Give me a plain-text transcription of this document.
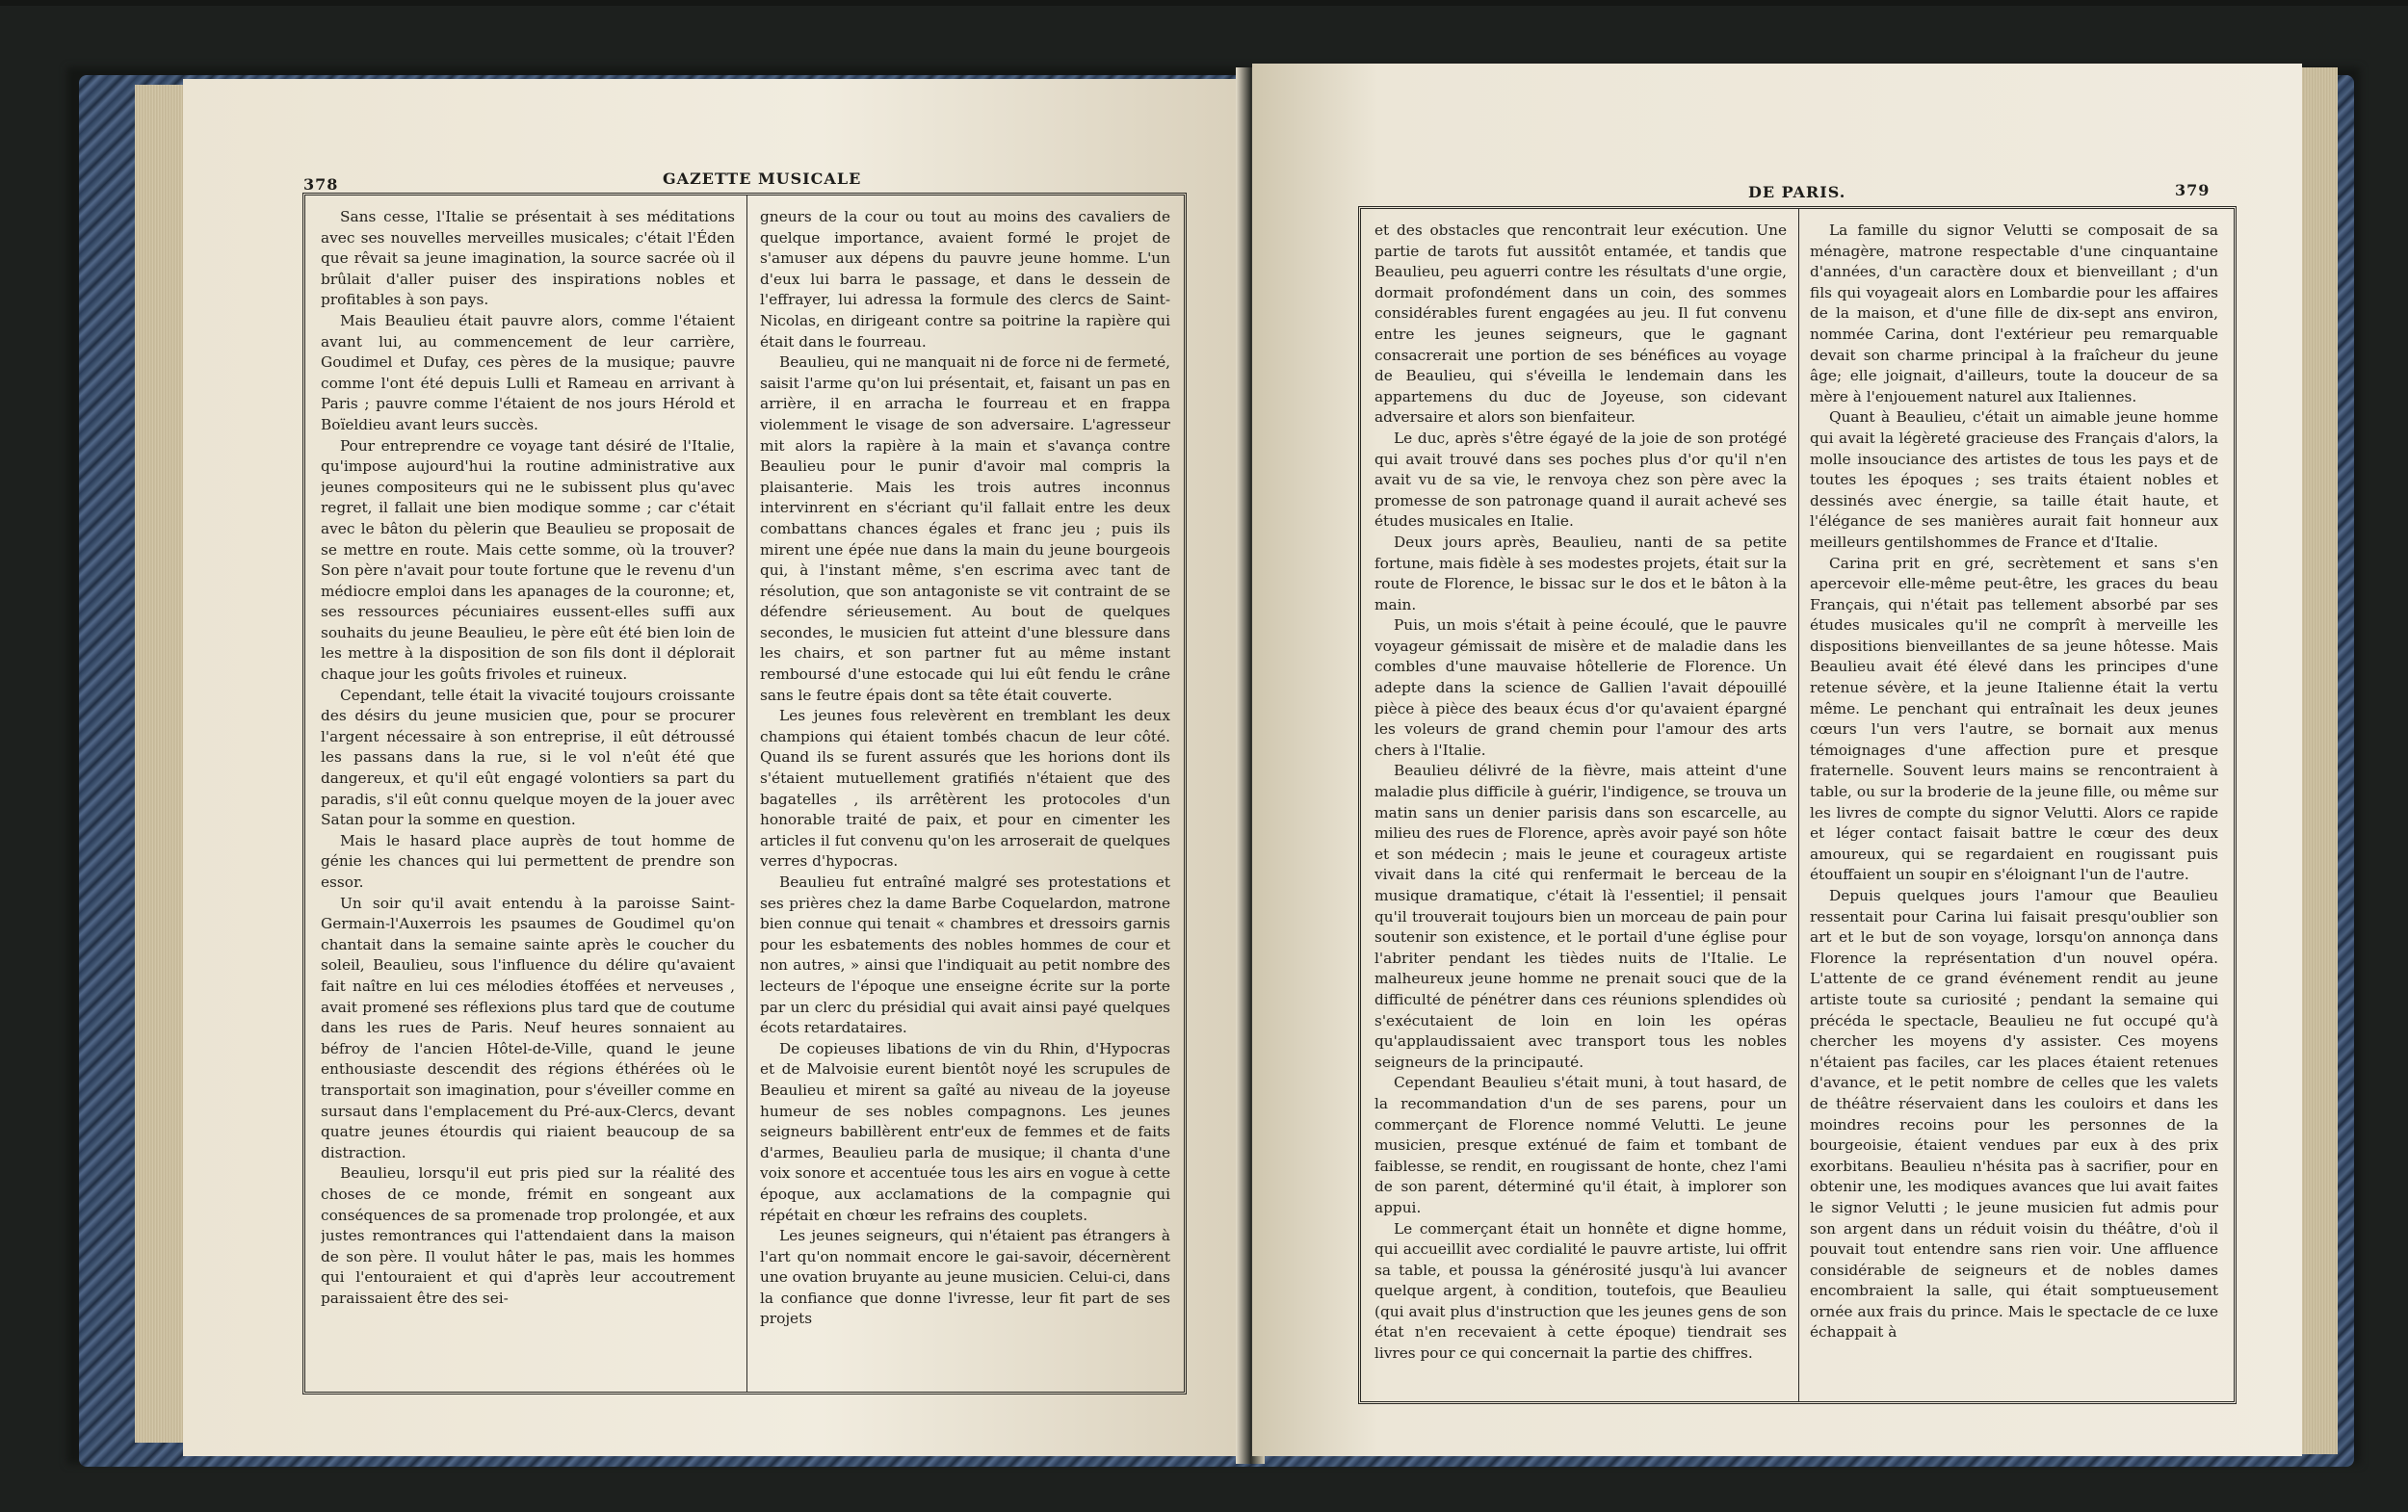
378	GAZETTE MUSICALE

Sans cesse, l'Italie se présentait à ses méditations avec ses nouvelles merveilles musicales; c'était l'Éden que rêvait sa jeune imagination, la source sacrée où il brûlait d'aller puiser des inspirations nobles et profitables à son pays.

Mais Beaulieu était pauvre alors, comme l'étaient avant lui, au commencement de leur carrière, Goudimel et Dufay, ces pères de la musique; pauvre comme l'ont été depuis Lulli et Rameau en arrivant à Paris ; pauvre comme l'étaient de nos jours Hérold et Boïeldieu avant leurs succès.

Pour entreprendre ce voyage tant désiré de l'Italie, qu'impose aujourd'hui la routine administrative aux jeunes compositeurs qui ne le subissent plus qu'avec regret, il fallait une bien modique somme ; car c'était avec le bâton du pèlerin que Beaulieu se proposait de se mettre en route. Mais cette somme, où la trouver? Son père n'avait pour toute fortune que le revenu d'un médiocre emploi dans les apanages de la couronne; et, ses ressources pécuniaires eussent-elles suffi aux souhaits du jeune Beaulieu, le père eût été bien loin de les mettre à la disposition de son fils dont il déplorait chaque jour les goûts frivoles et ruineux.

Cependant, telle était la vivacité toujours croissante des désirs du jeune musicien que, pour se procurer l'argent nécessaire à son entreprise, il eût détroussé les passans dans la rue, si le vol n'eût été que dangereux, et qu'il eût engagé volontiers sa part du paradis, s'il eût connu quelque moyen de la jouer avec Satan pour la somme en question.

Mais le hasard place auprès de tout homme de génie les chances qui lui permettent de prendre son essor.

Un soir qu'il avait entendu à la paroisse Saint-Germain-l'Auxerrois les psaumes de Goudimel qu'on chantait dans la semaine sainte après le coucher du soleil, Beaulieu, sous l'influence du délire qu'avaient fait naître en lui ces mélodies étoffées et nerveuses , avait promené ses réflexions plus tard que de coutume dans les rues de Paris. Neuf heures sonnaient au béfroy de l'ancien Hôtel-de-Ville, quand le jeune enthousiaste descendit des régions éthérées où le transportait son imagination, pour s'éveiller comme en sursaut dans l'emplacement du Pré-aux-Clercs, devant quatre jeunes étourdis qui riaient beaucoup de sa distraction.

Beaulieu, lorsqu'il eut pris pied sur la réalité des choses de ce monde, frémit en songeant aux conséquences de sa promenade trop prolongée, et aux justes remontrances qui l'attendaient dans la maison de son père. Il voulut hâter le pas, mais les hommes qui l'entouraient et qui d'après leur accoutrement paraissaient être des sei-

gneurs de la cour ou tout au moins des cavaliers de quelque importance, avaient formé le projet de s'amuser aux dépens du pauvre jeune homme. L'un d'eux lui barra le passage, et dans le dessein de l'effrayer, lui adressa la formule des clercs de Saint-Nicolas, en dirigeant contre sa poitrine la rapière qui était dans le fourreau.

Beaulieu, qui ne manquait ni de force ni de fermeté, saisit l'arme qu'on lui présentait, et, faisant un pas en arrière, il en arracha le fourreau et en frappa violemment le visage de son adversaire. L'agresseur mit alors la rapière à la main et s'avança contre Beaulieu pour le punir d'avoir mal compris la plaisanterie. Mais les trois autres inconnus intervinrent en s'écriant qu'il fallait entre les deux combattans chances égales et franc jeu ; puis ils mirent une épée nue dans la main du jeune bourgeois qui, à l'instant même, s'en escrima avec tant de résolution, que son antagoniste se vit contraint de se défendre sérieusement. Au bout de quelques secondes, le musicien fut atteint d'une blessure dans les chairs, et son partner fut au même instant remboursé d'une estocade qui lui eût fendu le crâne sans le feutre épais dont sa tête était couverte.

Les jeunes fous relevèrent en tremblant les deux champions qui étaient tombés chacun de leur côté. Quand ils se furent assurés que les horions dont ils s'étaient mutuellement gratifiés n'étaient que des bagatelles , ils arrêtèrent les protocoles d'un honorable traité de paix, et pour en cimenter les articles il fut convenu qu'on les arroserait de quelques verres d'hypocras.

Beaulieu fut entraîné malgré ses protestations et ses prières chez la dame Barbe Coquelardon, matrone bien connue qui tenait « chambres et dressoirs garnis pour les esbatements des nobles hommes de cour et non autres, » ainsi que l'indiquait au petit nombre des lecteurs de l'époque une enseigne écrite sur la porte par un clerc du présidial qui avait ainsi payé quelques écots retardataires.

De copieuses libations de vin du Rhin, d'Hypocras et de Malvoisie eurent bientôt noyé les scrupules de Beaulieu et mirent sa gaîté au niveau de la joyeuse humeur de ses nobles compagnons. Les jeunes seigneurs babillèrent entr'eux de femmes et de faits d'armes, Beaulieu parla de musique; il chanta d'une voix sonore et accentuée tous les airs en vogue à cette époque, aux acclamations de la compagnie qui répétait en chœur les refrains des couplets.

Les jeunes seigneurs, qui n'étaient pas étrangers à l'art qu'on nommait encore le gai-savoir, décernèrent une ovation bruyante au jeune musicien. Celui-ci, dans la confiance que donne l'ivresse, leur fit part de ses projets

DE PARIS.	379

et des obstacles que rencontrait leur exécution. Une partie de tarots fut aussitôt entamée, et tandis que Beaulieu, peu aguerri contre les résultats d'une orgie, dormait profondément dans un coin, des sommes considérables furent engagées au jeu. Il fut convenu entre les jeunes seigneurs, que le gagnant consacrerait une portion de ses bénéfices au voyage de Beaulieu, qui s'éveilla le lendemain dans les appartemens du duc de Joyeuse, son cidevant adversaire et alors son bienfaiteur.

Le duc, après s'être égayé de la joie de son protégé qui avait trouvé dans ses poches plus d'or qu'il n'en avait vu de sa vie, le renvoya chez son père avec la promesse de son patronage quand il aurait achevé ses études musicales en Italie.

Deux jours après, Beaulieu, nanti de sa petite fortune, mais fidèle à ses modestes projets, était sur la route de Florence, le bissac sur le dos et le bâton à la main.

Puis, un mois s'était à peine écoulé, que le pauvre voyageur gémissait de misère et de maladie dans les combles d'une mauvaise hôtellerie de Florence. Un adepte dans la science de Gallien l'avait dépouillé pièce à pièce des beaux écus d'or qu'avaient épargné les voleurs de grand chemin pour l'amour des arts chers à l'Italie.

Beaulieu délivré de la fièvre, mais atteint d'une maladie plus difficile à guérir, l'indigence, se trouva un matin sans un denier parisis dans son escarcelle, au milieu des rues de Florence, après avoir payé son hôte et son médecin ; mais le jeune et courageux artiste vivait dans la cité qui renfermait le berceau de la musique dramatique, c'était là l'essentiel; il pensait qu'il trouverait toujours bien un morceau de pain pour soutenir son existence, et le portail d'une église pour l'abriter pendant les tièdes nuits de l'Italie. Le malheureux jeune homme ne prenait souci que de la difficulté de pénétrer dans ces réunions splendides où s'exécutaient de loin en loin les opéras qu'applaudissaient avec transport tous les nobles seigneurs de la principauté.

Cependant Beaulieu s'était muni, à tout hasard, de la recommandation d'un de ses parens, pour un commerçant de Florence nommé Velutti. Le jeune musicien, presque exténué de faim et tombant de faiblesse, se rendit, en rougissant de honte, chez l'ami de son parent, déterminé qu'il était, à implorer son appui.

Le commerçant était un honnête et digne homme, qui accueillit avec cordialité le pauvre artiste, lui offrit sa table, et poussa la générosité jusqu'à lui avancer quelque argent, à condition, toutefois, que Beaulieu (qui avait plus d'instruction que les jeunes gens de son état n'en recevaient à cette époque) tiendrait ses livres pour ce qui concernait la partie des chiffres.

La famille du signor Velutti se composait de sa ménagère, matrone respectable d'une cinquantaine d'années, d'un caractère doux et bienveillant ; d'un fils qui voyageait alors en Lombardie pour les affaires de la maison, et d'une fille de dix-sept ans environ, nommée Carina, dont l'extérieur peu remarquable devait son charme principal à la fraîcheur du jeune âge; elle joignait, d'ailleurs, toute la douceur de sa mère à l'enjouement naturel aux Italiennes.

Quant à Beaulieu, c'était un aimable jeune homme qui avait la légèreté gracieuse des Français d'alors, la molle insouciance des artistes de tous les pays et de toutes les époques ; ses traits étaient nobles et dessinés avec énergie, sa taille était haute, et l'élégance de ses manières aurait fait honneur aux meilleurs gentilshommes de France et d'Italie.

Carina prit en gré, secrètement et sans s'en apercevoir elle-même peut-être, les graces du beau Français, qui n'était pas tellement absorbé par ses études musicales qu'il ne comprît à merveille les dispositions bienveillantes de sa jeune hôtesse. Mais Beaulieu avait été élevé dans les principes d'une retenue sévère, et la jeune Italienne était la vertu même. Le penchant qui entraînait les deux jeunes cœurs l'un vers l'autre, se bornait aux menus témoignages d'une affection pure et presque fraternelle. Souvent leurs mains se rencontraient à table, ou sur la broderie de la jeune fille, ou même sur les livres de compte du signor Velutti. Alors ce rapide et léger contact faisait battre le cœur des deux amoureux, qui se regardaient en rougissant puis étouffaient un soupir en s'éloignant l'un de l'autre.

Depuis quelques jours l'amour que Beaulieu ressentait pour Carina lui faisait presqu'oublier son art et le but de son voyage, lorsqu'on annonça dans Florence la représentation d'un nouvel opéra. L'attente de ce grand événement rendit au jeune artiste toute sa curiosité ; pendant la semaine qui précéda le spectacle, Beaulieu ne fut occupé qu'à chercher les moyens d'y assister. Ces moyens n'étaient pas faciles, car les places étaient retenues d'avance, et le petit nombre de celles que les valets de théâtre réservaient dans les couloirs et dans les moindres recoins pour les personnes de la bourgeoisie, étaient vendues par eux à des prix exorbitans. Beaulieu n'hésita pas à sacrifier, pour en obtenir une, les modiques avances que lui avait faites le signor Velutti ; le jeune musicien fut admis pour son argent dans un réduit voisin du théâtre, d'où il pouvait tout entendre sans rien voir. Une affluence considérable de seigneurs et de nobles dames encombraient la salle, qui était somptueusement ornée aux frais du prince. Mais le spectacle de ce luxe échappait à
